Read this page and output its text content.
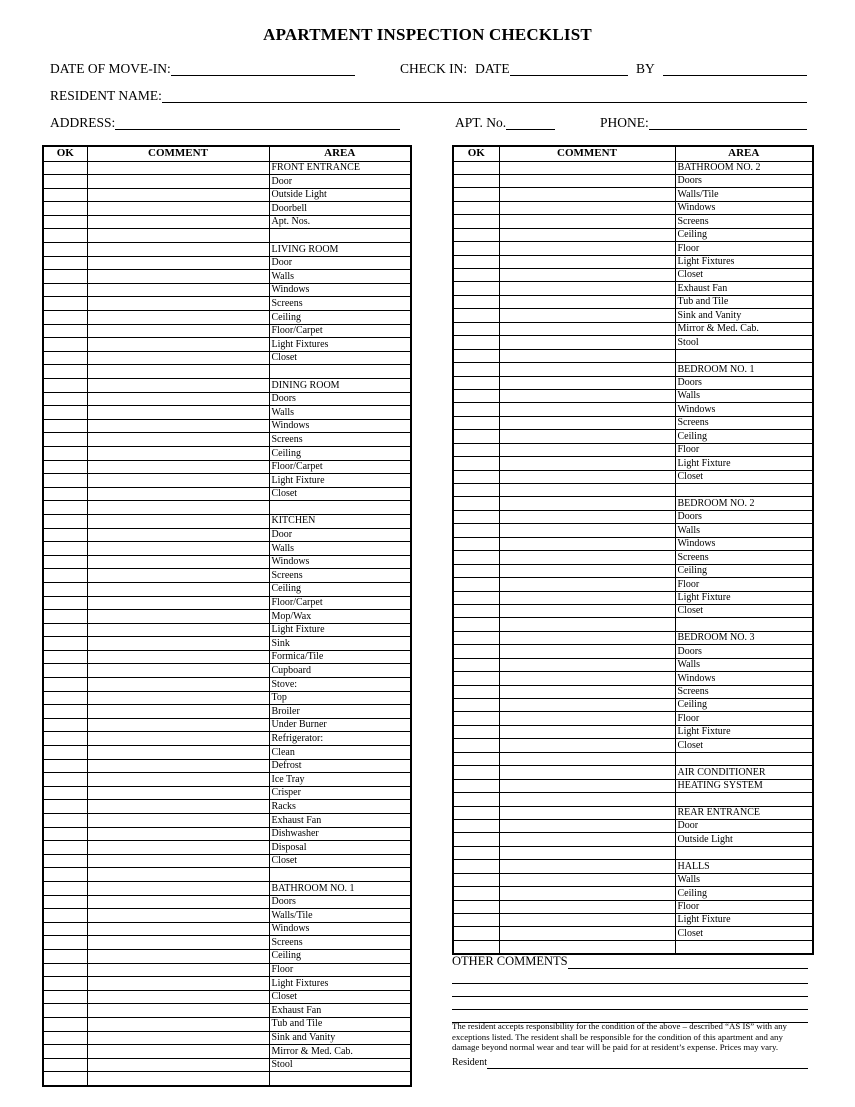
APARTMENT INSPECTION CHECKLIST
DATE OF MOVE-IN:	CHECK IN: DATE	BY
RESIDENT NAME:
ADDRESS:	APT. No.	PHONE:
OK	COMMENT	AREA
		FRONT ENTRANCE
		Door
		Outside Light
		Doorbell
		Apt. Nos.

		LIVING ROOM
		Door
		Walls
		Windows
		Screens
		Ceiling
		Floor/Carpet
		Light Fixtures
		Closet

		DINING ROOM
		Doors
		Walls
		Windows
		Screens
		Ceiling
		Floor/Carpet
		Light Fixture
		Closet

		KITCHEN
		Door
		Walls
		Windows
		Screens
		Ceiling
		Floor/Carpet
		Mop/Wax
		Light Fixture
		Sink
		Formica/Tile
		Cupboard
		Stove:
		Top
		Broiler
		Under Burner
		Refrigerator:
		Clean
		Defrost
		Ice Tray
		Crisper
		Racks
		Exhaust Fan
		Dishwasher
		Disposal
		Closet

		BATHROOM NO. 1
		Doors
		Walls/Tile
		Windows
		Screens
		Ceiling
		Floor
		Light Fixtures
		Closet
		Exhaust Fan
		Tub and Tile
		Sink and Vanity
		Mirror & Med. Cab.
		Stool

OK	COMMENT	AREA
		BATHROOM NO. 2
		Doors
		Walls/Tile
		Windows
		Screens
		Ceiling
		Floor
		Light Fixtures
		Closet
		Exhaust Fan
		Tub and Tile
		Sink and Vanity
		Mirror & Med. Cab.
		Stool

		BEDROOM NO. 1
		Doors
		Walls
		Windows
		Screens
		Ceiling
		Floor
		Light Fixture
		Closet

		BEDROOM NO. 2
		Doors
		Walls
		Windows
		Screens
		Ceiling
		Floor
		Light Fixture
		Closet

		BEDROOM NO. 3
		Doors
		Walls
		Windows
		Screens
		Ceiling
		Floor
		Light Fixture
		Closet

		AIR CONDITIONER
		HEATING SYSTEM

		REAR ENTRANCE
		Door
		Outside Light

		HALLS
		Walls
		Ceiling
		Floor
		Light Fixture
		Closet

OTHER COMMENTS
The resident accepts responsibility for the condition of the above – described “AS IS” with any exceptions listed. The resident shall be responsible for the condition of this apartment and any damage beyond normal wear and tear will be paid for at resident’s expense. Prices may vary.
Resident
